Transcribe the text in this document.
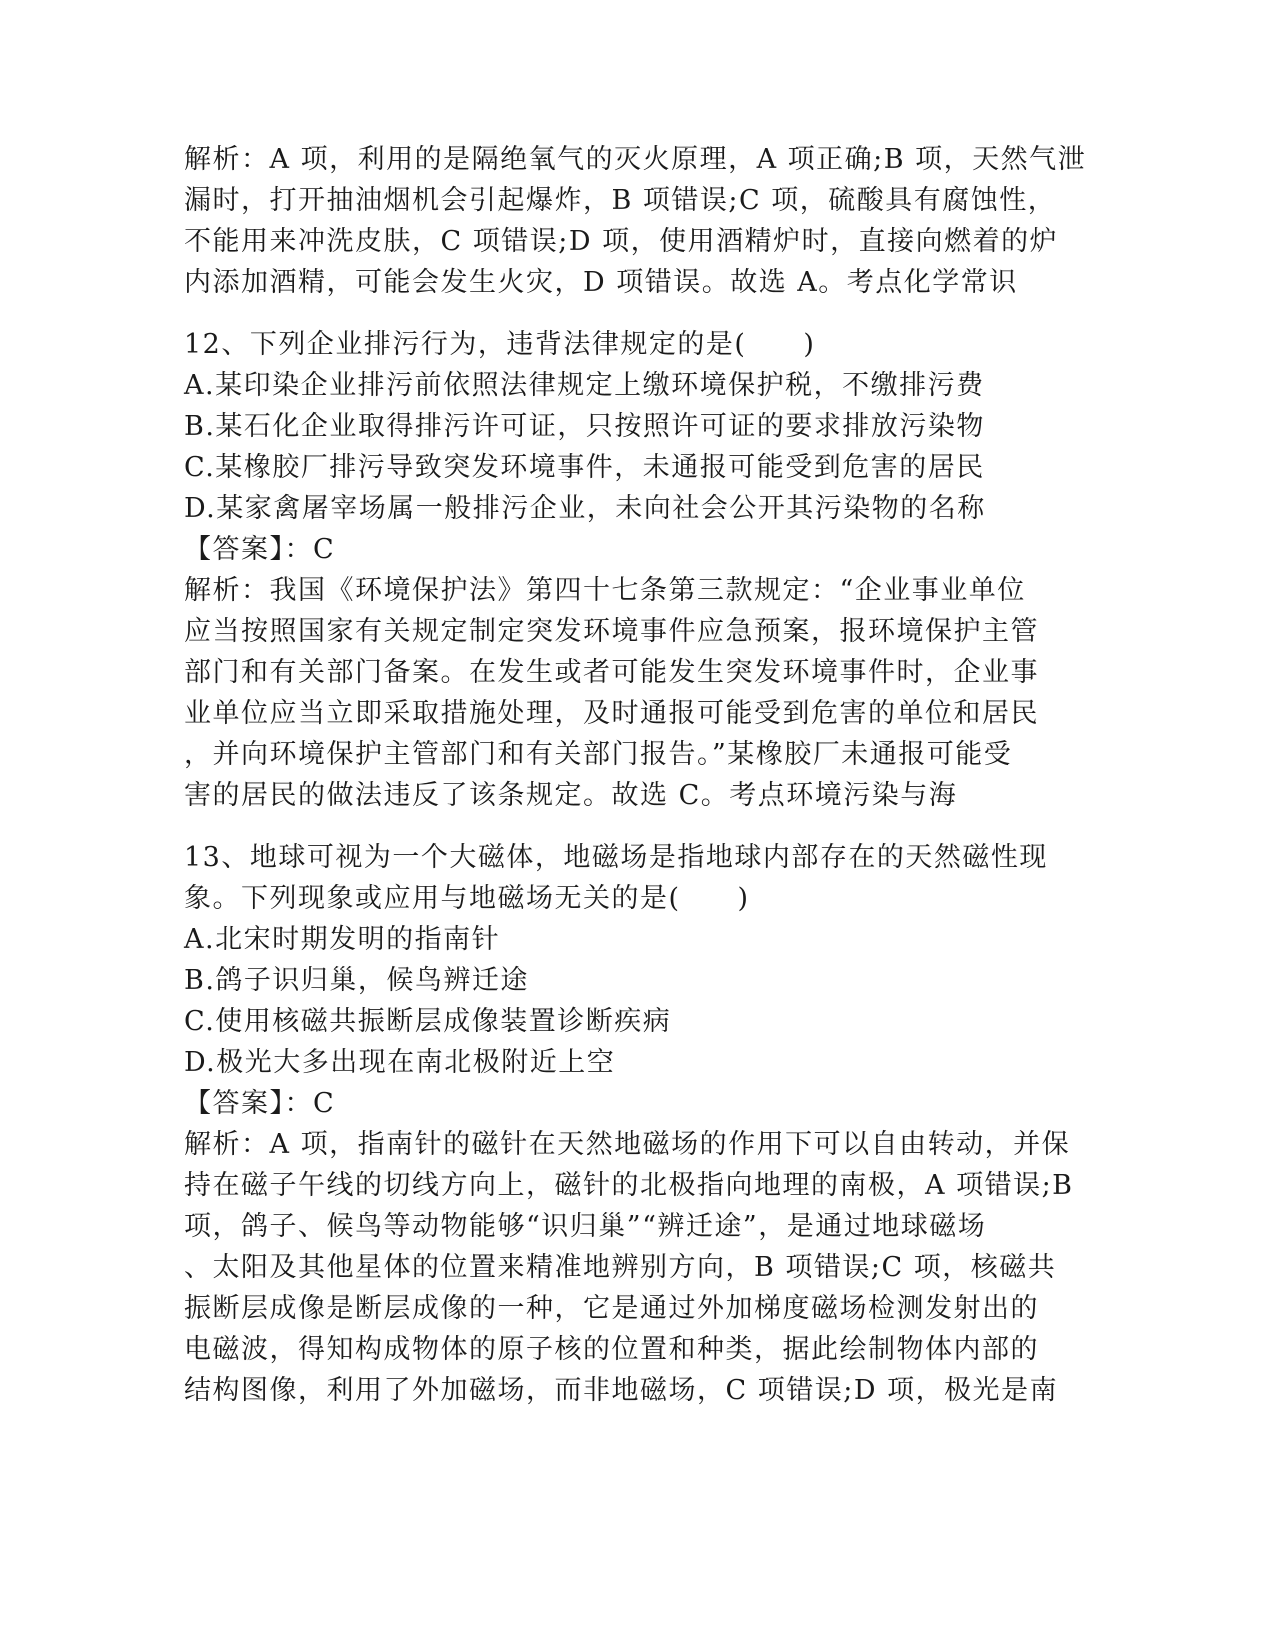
解析：A 项，利用的是隔绝氧气的灭火原理，A 项正确;B 项，天然气泄
漏时，打开抽油烟机会引起爆炸，B 项错误;C 项，硫酸具有腐蚀性，
不能用来冲洗皮肤，C 项错误;D 项，使用酒精炉时，直接向燃着的炉
内添加酒精，可能会发生火灾，D 项错误。故选 A。考点化学常识
12、下列企业排污行为，违背法律规定的是(　　)
A.某印染企业排污前依照法律规定上缴环境保护税，不缴排污费
B.某石化企业取得排污许可证，只按照许可证的要求排放污染物
C.某橡胶厂排污导致突发环境事件，未通报可能受到危害的居民
D.某家禽屠宰场属一般排污企业，未向社会公开其污染物的名称
【答案】：C
解析：我国《环境保护法》第四十七条第三款规定：“企业事业单位
应当按照国家有关规定制定突发环境事件应急预案，报环境保护主管
部门和有关部门备案。在发生或者可能发生突发环境事件时，企业事
业单位应当立即采取措施处理，及时通报可能受到危害的单位和居民
，并向环境保护主管部门和有关部门报告。”某橡胶厂未通报可能受
害的居民的做法违反了该条规定。故选 C。考点环境污染与海
13、地球可视为一个大磁体，地磁场是指地球内部存在的天然磁性现
象。下列现象或应用与地磁场无关的是(　　)
A.北宋时期发明的指南针
B.鸽子识归巢，候鸟辨迁途
C.使用核磁共振断层成像装置诊断疾病
D.极光大多出现在南北极附近上空
【答案】：C
解析：A 项，指南针的磁针在天然地磁场的作用下可以自由转动，并保
持在磁子午线的切线方向上，磁针的北极指向地理的南极，A 项错误;B
项，鸽子、候鸟等动物能够“识归巢”“辨迁途”，是通过地球磁场
、太阳及其他星体的位置来精准地辨别方向，B 项错误;C 项，核磁共
振断层成像是断层成像的一种，它是通过外加梯度磁场检测发射出的
电磁波，得知构成物体的原子核的位置和种类，据此绘制物体内部的
结构图像，利用了外加磁场，而非地磁场，C 项错误;D 项，极光是南
